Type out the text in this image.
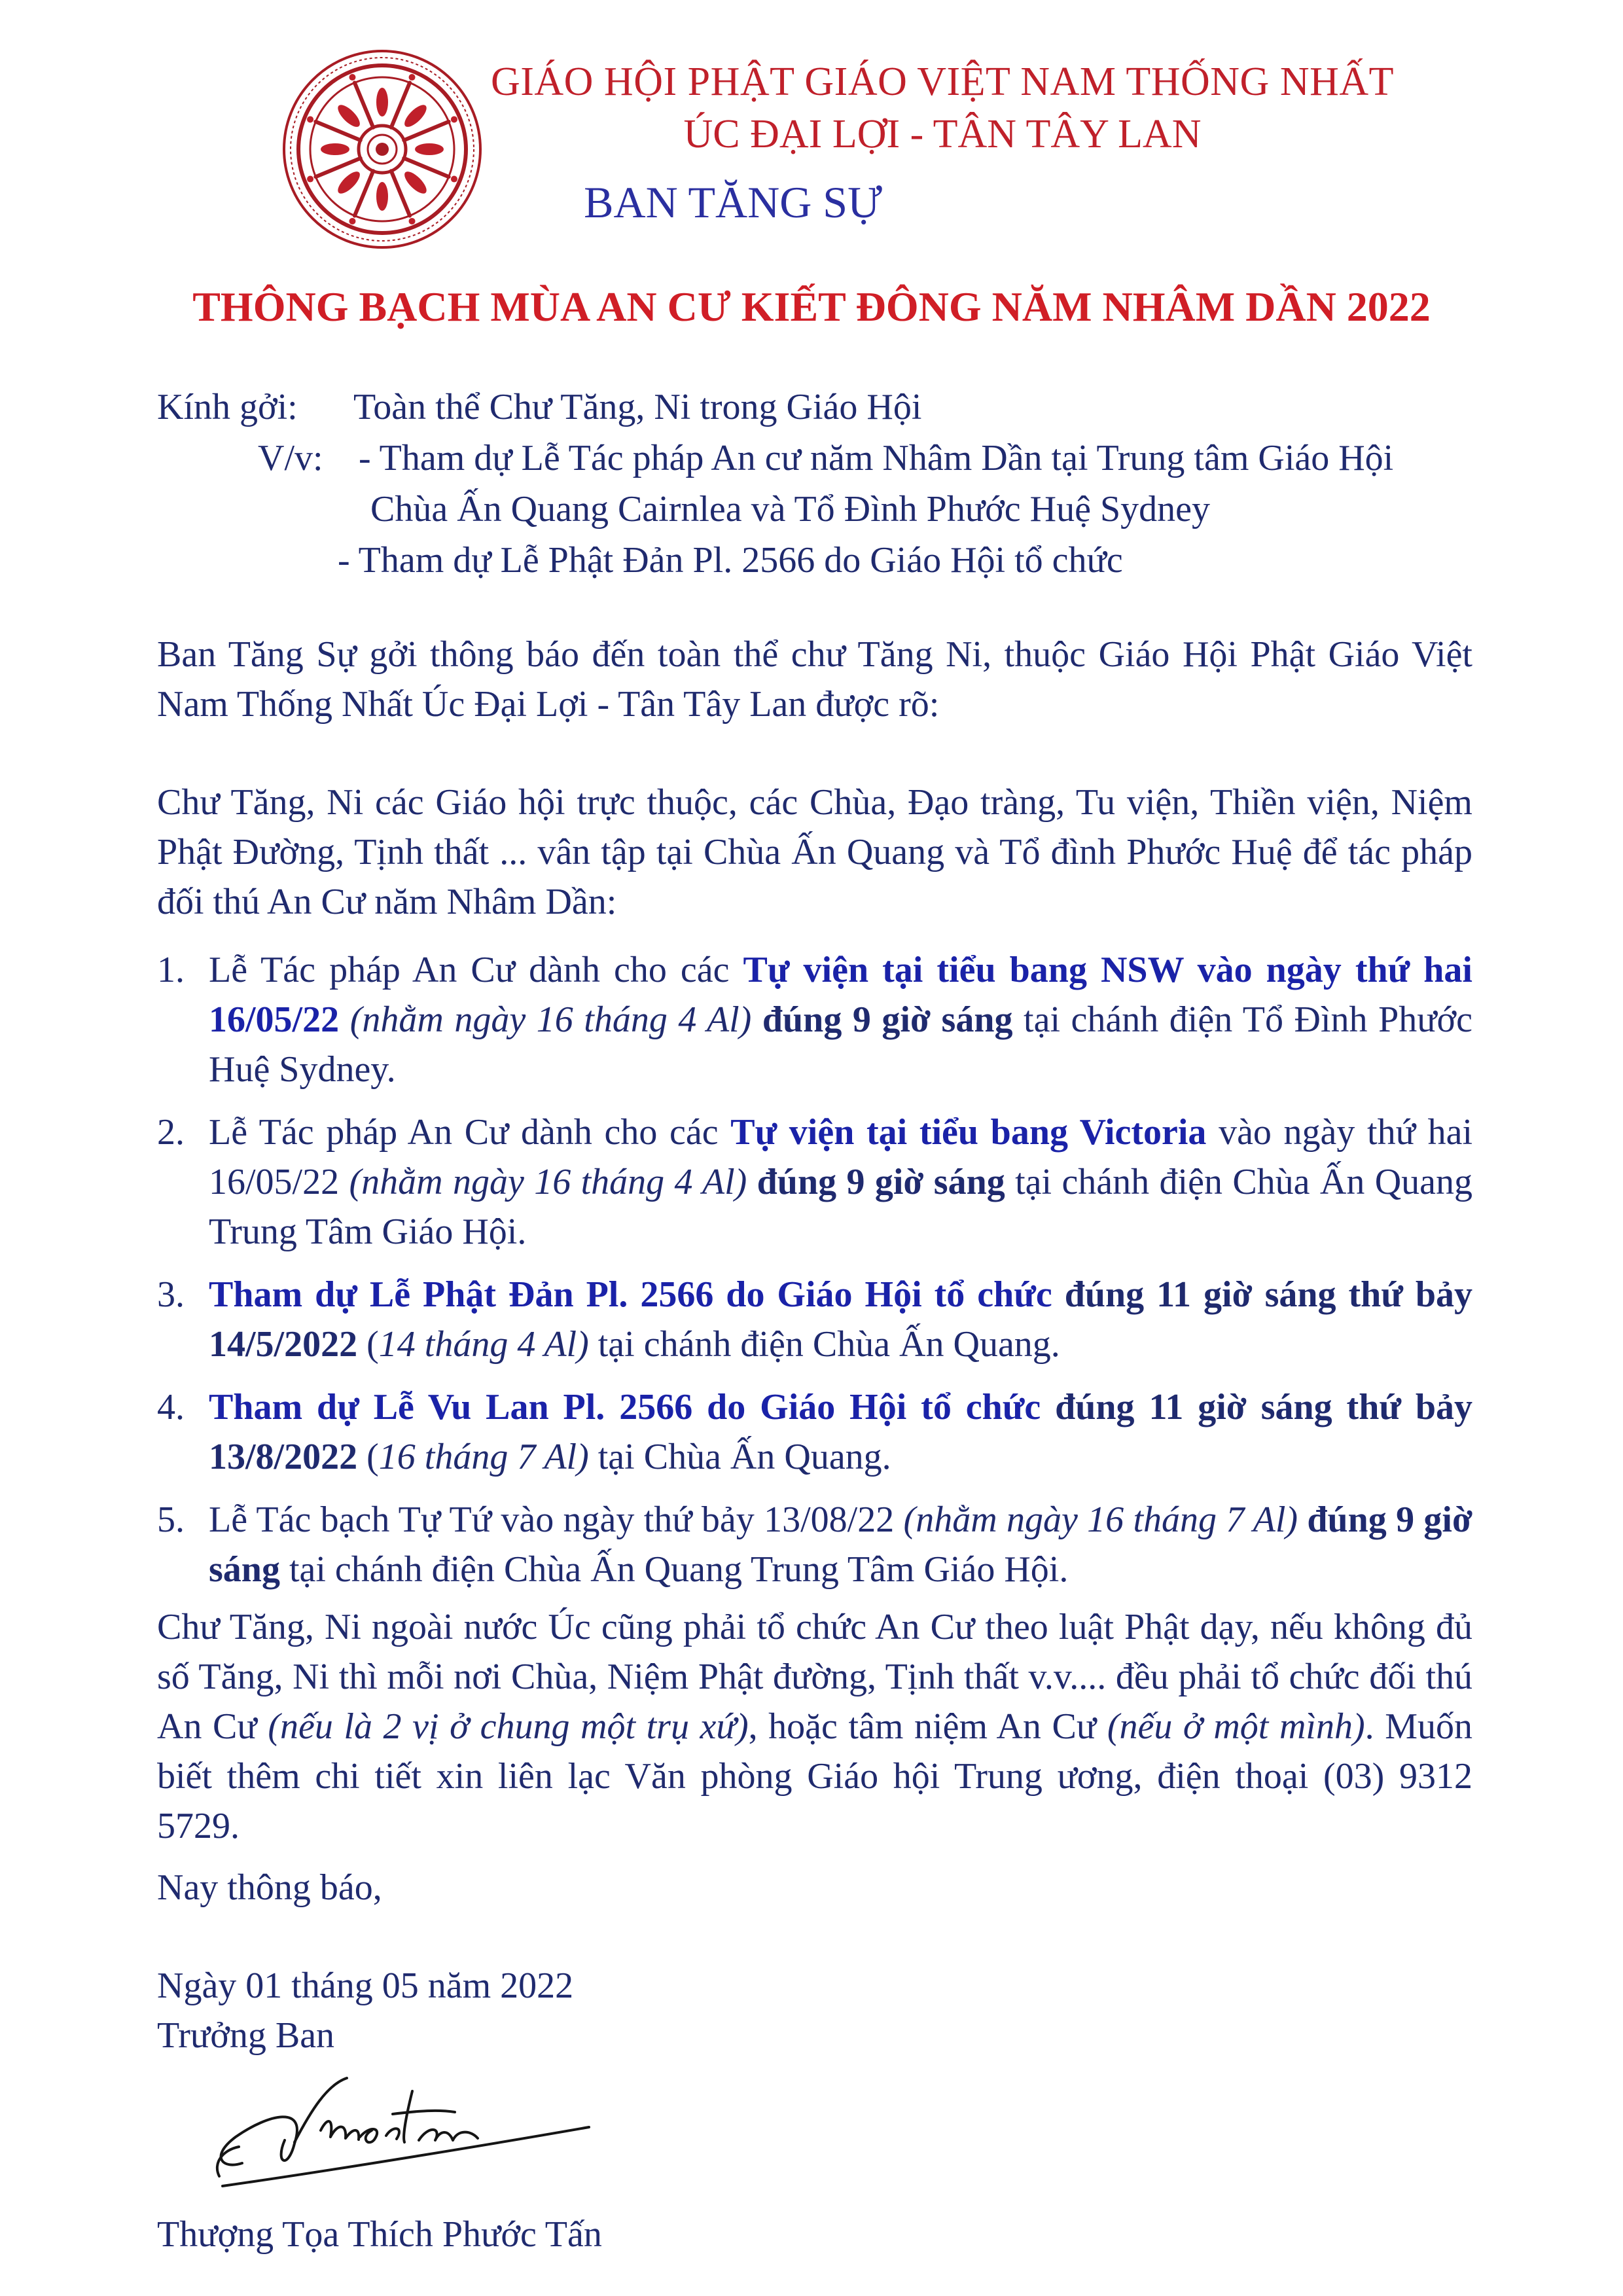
GIÁO HỘI PHẬT GIÁO VIỆT NAM THỐNG NHẤT
ÚC ĐẠI LỢI - TÂN TÂY LAN
BAN TĂNG SỰ
THÔNG BẠCH MÙA AN CƯ KIẾT ĐÔNG NĂM NHÂM DẦN 2022
Kính gởi: Toàn thể Chư Tăng, Ni trong Giáo Hội
V/v: - Tham dự Lễ Tác pháp An cư năm Nhâm Dần tại Trung tâm Giáo Hội
Chùa Ấn Quang Cairnlea và Tổ Đình Phước Huệ Sydney
- Tham dự Lễ Phật Đản Pl. 2566 do Giáo Hội tổ chức
Ban Tăng Sự gởi thông báo đến toàn thể chư Tăng Ni, thuộc Giáo Hội Phật Giáo Việt Nam Thống Nhất Úc Đại Lợi - Tân Tây Lan được rõ:
Chư Tăng, Ni các Giáo hội trực thuộc, các Chùa, Đạo tràng, Tu viện, Thiền viện, Niệm Phật Đường, Tịnh thất ... vân tập tại Chùa Ấn Quang và Tổ đình Phước Huệ để tác pháp đối thú An Cư năm Nhâm Dần:
1. Lễ Tác pháp An Cư dành cho các Tự viện tại tiểu bang NSW vào ngày thứ hai 16/05/22 (nhằm ngày 16 tháng 4 Al) đúng 9 giờ sáng tại chánh điện Tổ Đình Phước Huệ Sydney.
2. Lễ Tác pháp An Cư dành cho các Tự viện tại tiểu bang Victoria vào ngày thứ hai 16/05/22 (nhằm ngày 16 tháng 4 Al) đúng 9 giờ sáng tại chánh điện Chùa Ấn Quang Trung Tâm Giáo Hội.
3. Tham dự Lễ Phật Đản Pl. 2566 do Giáo Hội tổ chức đúng 11 giờ sáng thứ bảy 14/5/2022 (14 tháng 4 Al) tại chánh điện Chùa Ấn Quang.
4. Tham dự Lễ Vu Lan Pl. 2566 do Giáo Hội tổ chức đúng 11 giờ sáng thứ bảy 13/8/2022 (16 tháng 7 Al) tại Chùa Ấn Quang.
5. Lễ Tác bạch Tự Tứ vào ngày thứ bảy 13/08/22 (nhằm ngày 16 tháng 7 Al) đúng 9 giờ sáng tại chánh điện Chùa Ấn Quang Trung Tâm Giáo Hội.
Chư Tăng, Ni ngoài nước Úc cũng phải tổ chức An Cư theo luật Phật dạy, nếu không đủ số Tăng, Ni thì mỗi nơi Chùa, Niệm Phật đường, Tịnh thất v.v.... đều phải tổ chức đối thú An Cư (nếu là 2 vị ở chung một trụ xứ), hoặc tâm niệm An Cư (nếu ở một mình). Muốn biết thêm chi tiết xin liên lạc Văn phòng Giáo hội Trung ương, điện thoại (03) 9312 5729.
Nay thông báo,
Ngày 01 tháng 05 năm 2022
Trưởng Ban
Thượng Tọa Thích Phước Tấn
